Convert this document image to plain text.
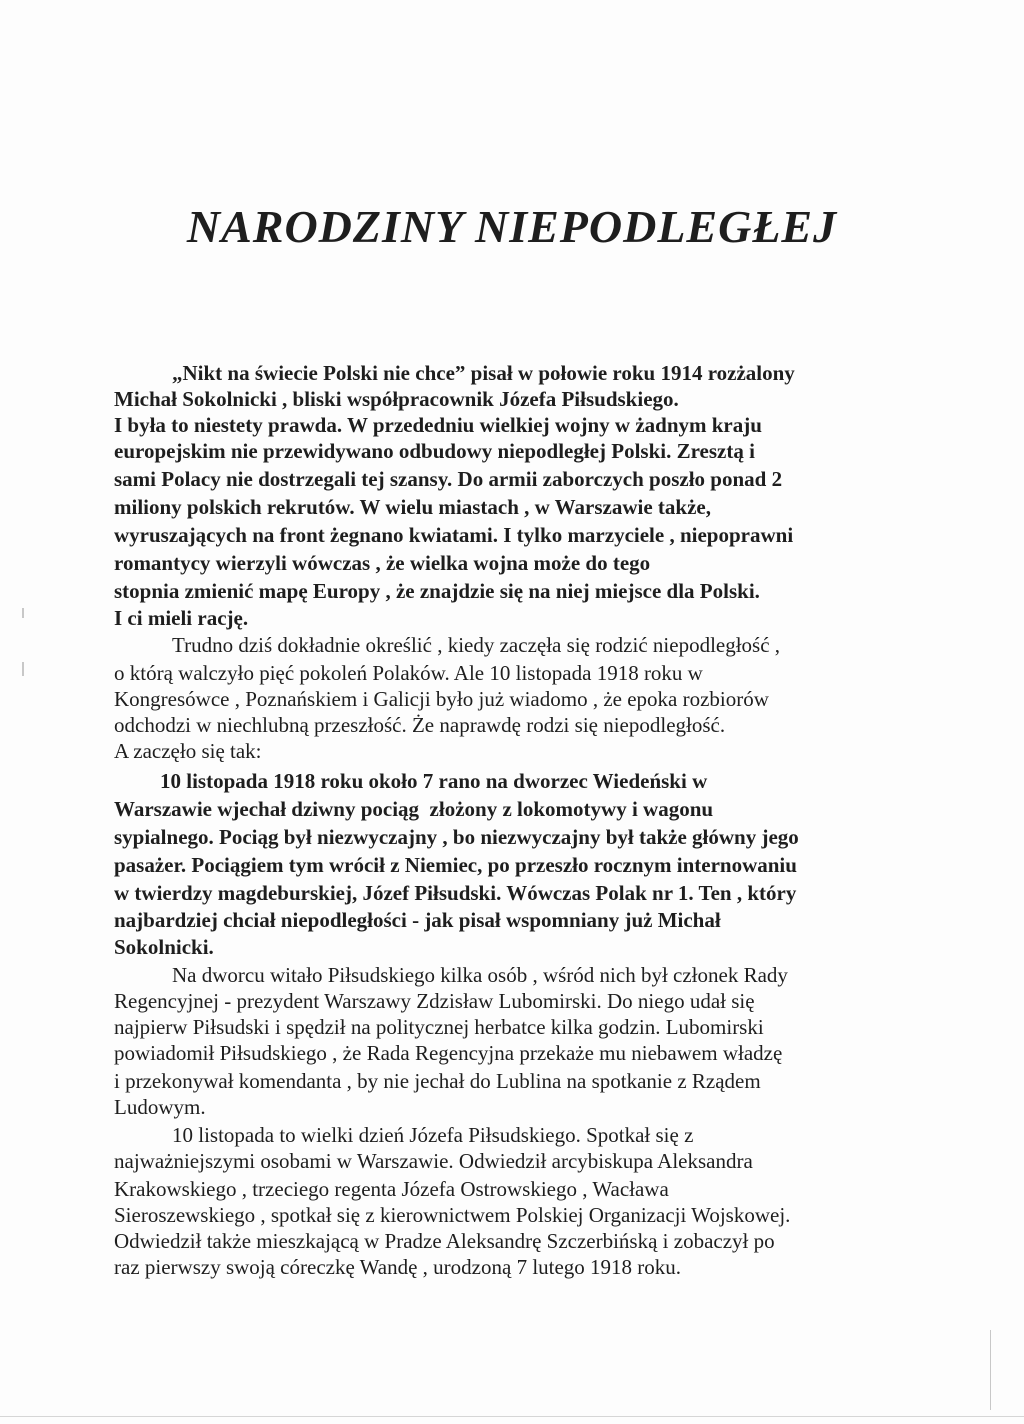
NARODZINY NIEPODLEGŁEJ
„Nikt na świecie Polski nie chce” pisał w połowie roku 1914 rozżalony
Michał Sokolnicki , bliski współpracownik Józefa Piłsudskiego.
I była to niestety prawda. W przededniu wielkiej wojny w żadnym kraju
europejskim nie przewidywano odbudowy niepodległej Polski. Zresztą i
sami Polacy nie dostrzegali tej szansy. Do armii zaborczych poszło ponad 2
miliony polskich rekrutów. W wielu miastach , w Warszawie także,
wyruszających na front żegnano kwiatami. I tylko marzyciele , niepoprawni
romantycy wierzyli wówczas , że wielka wojna może do tego
stopnia zmienić mapę Europy , że znajdzie się na niej miejsce dla Polski.
I ci mieli rację.
Trudno dziś dokładnie określić , kiedy zaczęła się rodzić niepodległość ,
o którą walczyło pięć pokoleń Polaków. Ale 10 listopada 1918 roku w
Kongresówce , Poznańskiem i Galicji było już wiadomo , że epoka rozbiorów
odchodzi w niechlubną przeszłość. Że naprawdę rodzi się niepodległość.
A zaczęło się tak:
10 listopada 1918 roku około 7 rano na dworzec Wiedeński w
Warszawie wjechał dziwny pociąg  złożony z lokomotywy i wagonu
sypialnego. Pociąg był niezwyczajny , bo niezwyczajny był także główny jego
pasażer. Pociągiem tym wrócił z Niemiec, po przeszło rocznym internowaniu
w twierdzy magdeburskiej, Józef Piłsudski. Wówczas Polak nr 1. Ten , który
najbardziej chciał niepodległości - jak pisał wspomniany już Michał
Sokolnicki.
Na dworcu witało Piłsudskiego kilka osób , wśród nich był członek Rady
Regencyjnej - prezydent Warszawy Zdzisław Lubomirski. Do niego udał się
najpierw Piłsudski i spędził na politycznej herbatce kilka godzin. Lubomirski
powiadomił Piłsudskiego , że Rada Regencyjna przekaże mu niebawem władzę
i przekonywał komendanta , by nie jechał do Lublina na spotkanie z Rządem
Ludowym.
10 listopada to wielki dzień Józefa Piłsudskiego. Spotkał się z
najważniejszymi osobami w Warszawie. Odwiedził arcybiskupa Aleksandra
Krakowskiego , trzeciego regenta Józefa Ostrowskiego , Wacława
Sieroszewskiego , spotkał się z kierownictwem Polskiej Organizacji Wojskowej.
Odwiedził także mieszkającą w Pradze Aleksandrę Szczerbińską i zobaczył po
raz pierwszy swoją córeczkę Wandę , urodzoną 7 lutego 1918 roku.
